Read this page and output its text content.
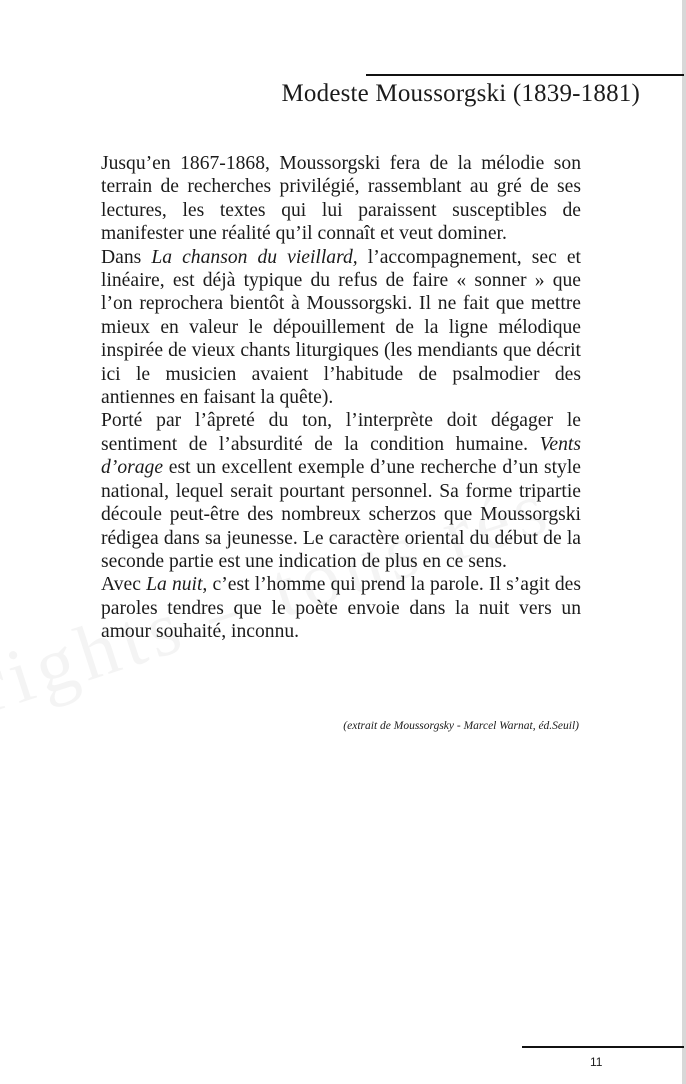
Modeste Moussorgski (1839-1881)

Jusqu’en 1867-1868, Moussorgski fera de la mélodie son terrain de recherches privilégié, rassemblant au gré de ses lectures, les textes qui lui paraissent susceptibles de manifester une réalité qu’il connaît et veut dominer.

Dans La chanson du vieillard, l’accompagnement, sec et linéaire, est déjà typique du refus de faire « sonner » que l’on reprochera bientôt à Moussorgski. Il ne fait que mettre mieux en valeur le dépouillement de la ligne mélodique inspirée de vieux chants liturgiques (les mendiants que décrit ici le musicien avaient l’habitude de psalmodier des antiennes en faisant la quête).

Porté par l’âpreté du ton, l’interprète doit dégager le sentiment de l’absurdité de la condition humaine. Vents d’orage est un excellent exemple d’une recherche d’un style national, lequel serait pourtant personnel. Sa forme tripartie découle peut-être des nombreux scherzos que Moussorgski rédigea dans sa jeunesse. Le caractère oriental du début de la seconde partie est une indication de plus en ce sens.

Avec La nuit, c’est l’homme qui prend la parole. Il s’agit des paroles tendres que le poète envoie dans la nuit vers un amour souhaité, inconnu.

(extrait de Moussorgsky - Marcel Warnat, éd.Seuil)
11
